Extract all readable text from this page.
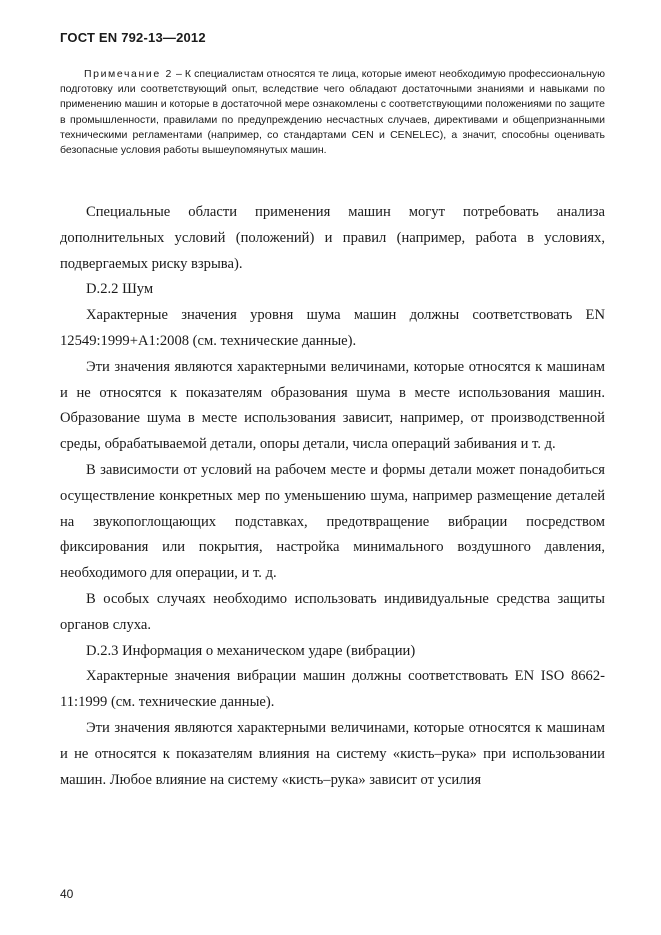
ГОСТ EN 792-13—2012

Примечание 2 – К специалистам относятся те лица, которые имеют необходимую профессиональную подготовку или соответствующий опыт, вследствие чего обладают достаточными знаниями и навыками по применению машин и которые в достаточной мере ознакомлены с соответствующими положениями по защите в промышленности, правилами по предупреждению несчастных случаев, директивами и общепризнанными техническими регламентами (например, со стандартами CEN и CENELEC), а значит, способны оценивать безопасные условия работы вышеупомянутых машин.

Специальные области применения машин могут потребовать анализа дополнительных условий (положений) и правил (например, работа в условиях, подвергаемых риску взрыва).

D.2.2 Шум

Характерные значения уровня шума машин должны соответствовать EN 12549:1999+A1:2008 (см. технические данные).

Эти значения являются характерными величинами, которые относятся к машинам и не относятся к показателям образования шума в месте использования машин. Образование шума в месте использования зависит, например, от производственной среды, обрабатываемой детали, опоры детали, числа операций забивания и т. д.

В зависимости от условий на рабочем месте и формы детали может понадобиться осуществление конкретных мер по уменьшению шума, например размещение деталей на звукопоглощающих подставках, предотвращение вибрации посредством фиксирования или покрытия, настройка минимального воздушного давления, необходимого для операции, и т. д.

В особых случаях необходимо использовать индивидуальные средства защиты органов слуха.

D.2.3 Информация о механическом ударе (вибрации)

Характерные значения вибрации машин должны соответствовать EN ISO 8662-11:1999 (см. технические данные).

Эти значения являются характерными величинами, которые относятся к машинам и не относятся к показателям влияния на систему «кисть–рука» при использовании машин. Любое влияние на систему «кисть–рука» зависит от усилия

40
